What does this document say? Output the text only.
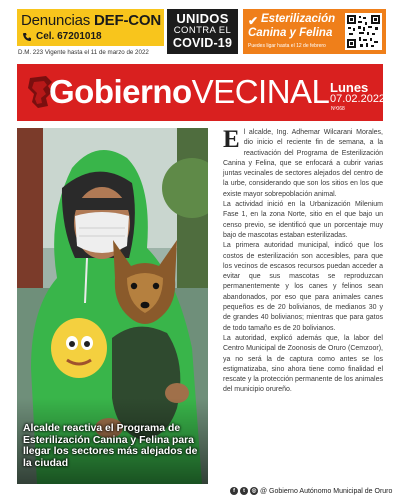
Denuncias DEF-CON
Cel. 67201018
D.M. 223 Vigente hasta el 11 de marzo de 2022
UNIDOS
CONTRA EL
COVID-19
✔ Esterilización
Canina y Felina
Puedes ligar hasta el 12 de febrero
GobiernoVECINAL Lunes
07.02.2022
Nº068
Alcalde reactiva el Programa de Esterilización Canina y Felina para llegar los sectores más alejados de la ciudad

El alcalde, Ing. Adhemar Wilcarani Morales, dio inicio el reciente fin de semana, a la reactivación del Programa de Esterilización Canina y Felina, que se enfocará a cubrir varias juntas vecinales de sectores alejados del centro de la urbe, considerando que son los sitios en los que existe mayor sobrepoblación animal.

La actividad inició en la Urbanización Milenium Fase 1, en la zona Norte, sitio en el que bajo un censo previo, se identificó que un porcentaje muy bajo de mascotas estaban esterilizadas.

La primera autoridad municipal, indicó que los costos de esterilización son accesibles, para que los vecinos de escasos recursos puedan acceder a evitar que sus mascotas se reproduzcan permanentemente y los canes y felinos sean abandonados, por eso que para animales canes pequeños es de 20 bolivianos, de medianos 30 y de grandes 40 bolivianos; mientras que para gatos de todo tamaño es de 20 bolivianos.

La autoridad, explicó además que, la labor del Centro Municipal de Zoonosis de Oruro (Cemzoor), ya no será la de captura como antes se los estigmatizaba, sino ahora tiene como finalidad el rescate y la protección permanente de los animales del municipio orureño.

f	t	◎ @ Gobierno Autónomo Municipal de Oruro
